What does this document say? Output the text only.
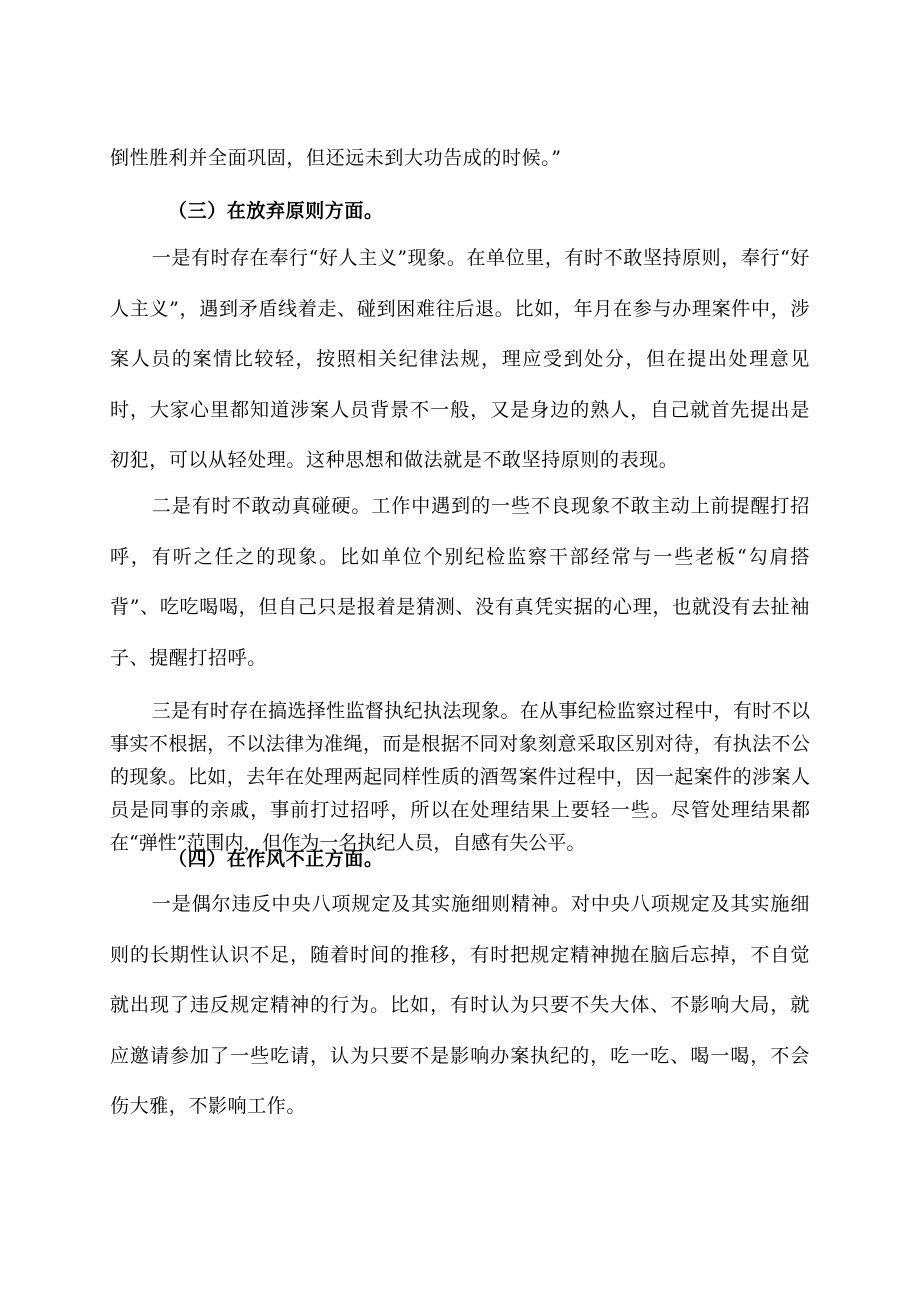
倒性胜利并全面巩固，但还远未到大功告成的时候。”

（三）在放弃原则方面。

一是有时存在奉行“好人主义”现象。在单位里，有时不敢坚持原则，奉行“好人主义”，遇到矛盾线着走、碰到困难往后退。比如，年月在参与办理案件中，涉案人员的案情比较轻，按照相关纪律法规，理应受到处分，但在提出处理意见时，大家心里都知道涉案人员背景不一般，又是身边的熟人，自己就首先提出是初犯，可以从轻处理。这种思想和做法就是不敢坚持原则的表现。

二是有时不敢动真碰硬。工作中遇到的一些不良现象不敢主动上前提醒打招呼，有听之任之的现象。比如单位个别纪检监察干部经常与一些老板“勾肩搭背”、吃吃喝喝，但自己只是报着是猜测、没有真凭实据的心理，也就没有去扯袖子、提醒打招呼。

三是有时存在搞选择性监督执纪执法现象。在从事纪检监察过程中，有时不以事实不根据，不以法律为准绳，而是根据不同对象刻意采取区别对待，有执法不公的现象。比如，去年在处理两起同样性质的酒驾案件过程中，因一起案件的涉案人员是同事的亲戚，事前打过招呼，所以在处理结果上要轻一些。尽管处理结果都在“弹性”范围内，但作为一名执纪人员，自感有失公平。

（四）在作风不正方面。

一是偶尔违反中央八项规定及其实施细则精神。对中央八项规定及其实施细则的长期性认识不足，随着时间的推移，有时把规定精神抛在脑后忘掉，不自觉就出现了违反规定精神的行为。比如，有时认为只要不失大体、不影响大局，就应邀请参加了一些吃请，认为只要不是影响办案执纪的，吃一吃、喝一喝，不会伤大雅，不影响工作。
